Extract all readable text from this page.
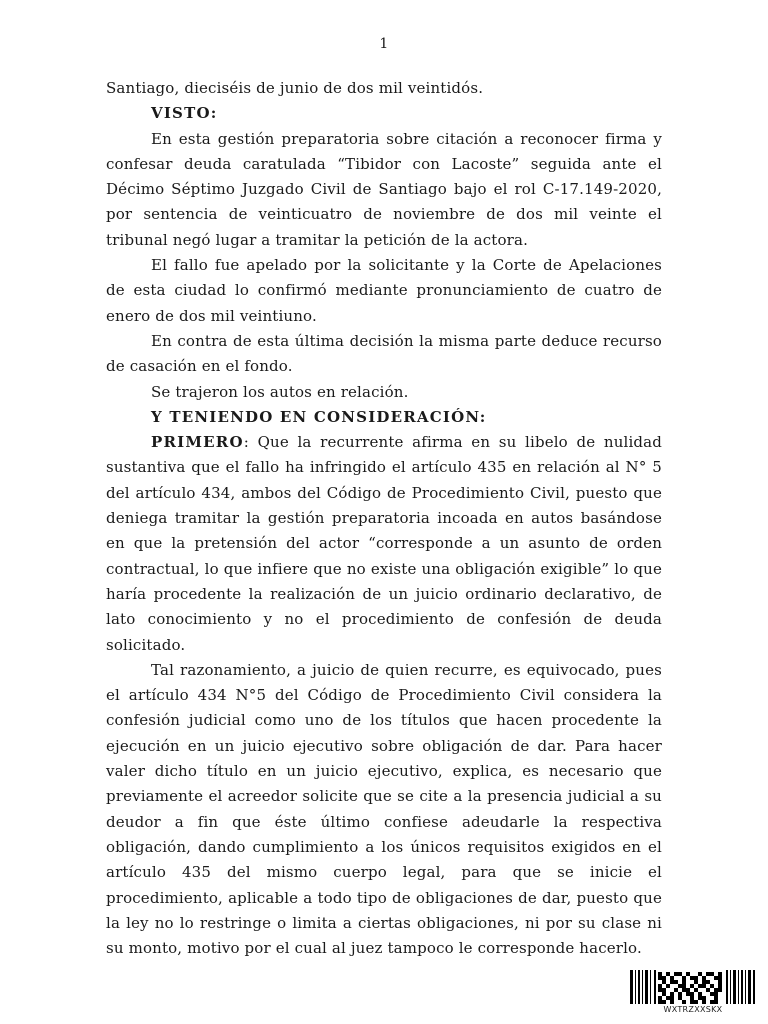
1

Santiago, dieciséis de junio de dos mil veintidós.

VISTO:

En esta gestión preparatoria sobre citación a reconocer firma y confesar deuda caratulada “Tibidor con Lacoste” seguida ante el Décimo Séptimo Juzgado Civil de Santiago bajo el rol C-17.149-2020, por sentencia de veinticuatro de noviembre de dos mil veinte el tribunal negó lugar a tramitar la petición de la actora.

El fallo fue apelado por la solicitante y la Corte de Apelaciones de esta ciudad lo confirmó mediante pronunciamiento de cuatro de enero de dos mil veintiuno.

En contra de esta última decisión la misma parte deduce recurso de casación en el fondo.

Se trajeron los autos en relación.

Y TENIENDO EN CONSIDERACIÓN:

PRIMERO: Que la recurrente afirma en su libelo de nulidad sustantiva que el fallo ha infringido el artículo 435 en relación al N° 5 del artículo 434, ambos del Código de Procedimiento Civil, puesto que deniega tramitar la gestión preparatoria incoada en autos basándose en que la pretensión del actor “corresponde a un asunto de orden contractual, lo que infiere que no existe una obligación exigible” lo que haría procedente la realización de un juicio ordinario declarativo, de lato conocimiento y no el procedimiento de confesión de deuda solicitado.

Tal razonamiento, a juicio de quien recurre, es equivocado, pues el artículo 434 N°5 del Código de Procedimiento Civil considera la confesión judicial como uno de los títulos que hacen procedente la ejecución en un juicio ejecutivo sobre obligación de dar. Para hacer valer dicho título en un juicio ejecutivo, explica, es necesario que previamente el acreedor solicite que se cite a la presencia judicial a su deudor a fin que éste último confiese adeudarle la respectiva obligación, dando cumplimiento a los únicos requisitos exigidos en el artículo 435 del mismo cuerpo legal, para que se inicie el procedimiento, aplicable a todo tipo de obligaciones de dar, puesto que la ley no lo restringe o limita a ciertas obligaciones, ni por su clase ni su monto, motivo por el cual al juez tampoco le corresponde hacerlo.

WXTRZXXSKX
